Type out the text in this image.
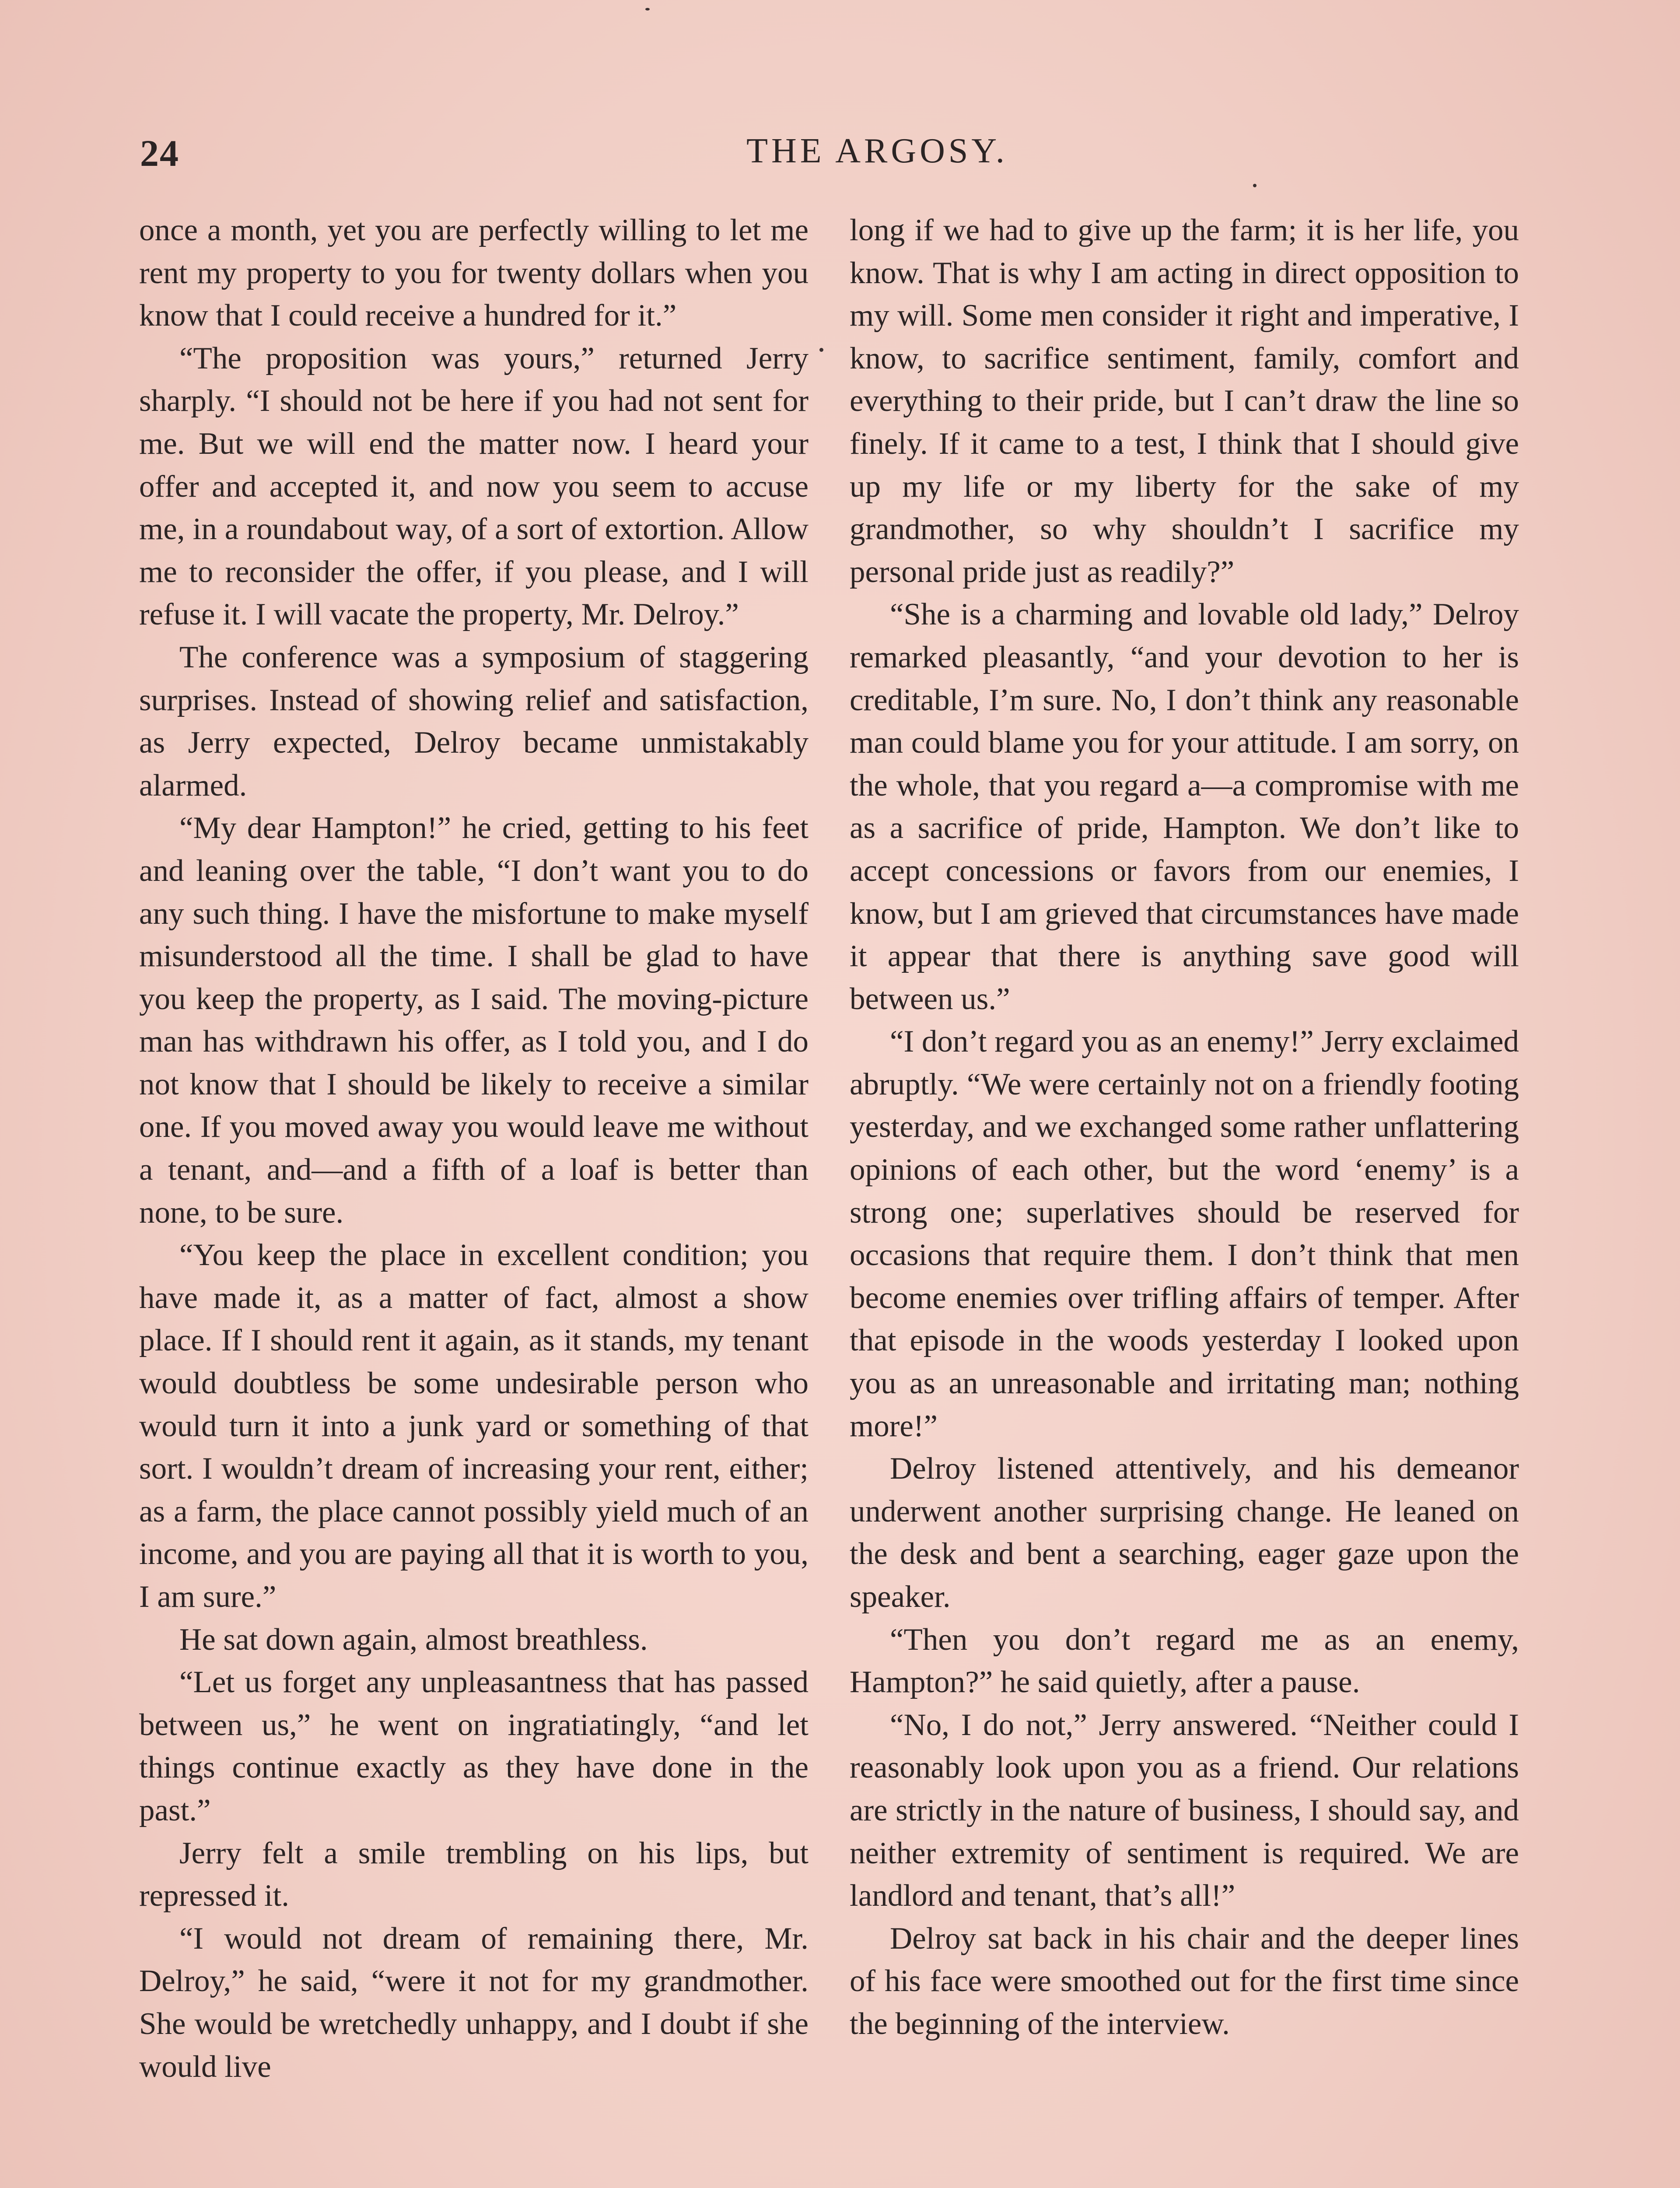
24	THE ARGOSY.

once a month, yet you are perfectly willing to let me rent my property to you for twenty dollars when you know that I could receive a hundred for it.”

“The proposition was yours,” returned Jerry sharply. “I should not be here if you had not sent for me. But we will end the matter now. I heard your offer and accepted it, and now you seem to accuse me, in a roundabout way, of a sort of extortion. Allow me to reconsider the offer, if you please, and I will refuse it. I will vacate the property, Mr. Delroy.”

The conference was a symposium of staggering surprises. Instead of showing relief and satisfaction, as Jerry expected, Delroy became unmistakably alarmed.

“My dear Hampton!” he cried, getting to his feet and leaning over the table, “I don’t want you to do any such thing. I have the misfortune to make myself misunderstood all the time. I shall be glad to have you keep the property, as I said. The moving-picture man has withdrawn his offer, as I told you, and I do not know that I should be likely to receive a similar one. If you moved away you would leave me without a tenant, and—and a fifth of a loaf is better than none, to be sure.

“You keep the place in excellent condition; you have made it, as a matter of fact, almost a show place. If I should rent it again, as it stands, my tenant would doubtless be some undesirable person who would turn it into a junk yard or something of that sort. I wouldn’t dream of increasing your rent, either; as a farm, the place cannot possibly yield much of an income, and you are paying all that it is worth to you, I am sure.”

He sat down again, almost breathless.

“Let us forget any unpleasantness that has passed between us,” he went on ingratiatingly, “and let things continue exactly as they have done in the past.”

Jerry felt a smile trembling on his lips, but repressed it.

“I would not dream of remaining there, Mr. Delroy,” he said, “were it not for my grandmother. She would be wretchedly unhappy, and I doubt if she would live

long if we had to give up the farm; it is her life, you know. That is why I am acting in direct opposition to my will. Some men consider it right and imperative, I know, to sacrifice sentiment, family, comfort and everything to their pride, but I can’t draw the line so finely. If it came to a test, I think that I should give up my life or my liberty for the sake of my grandmother, so why shouldn’t I sacrifice my personal pride just as readily?”

“She is a charming and lovable old lady,” Delroy remarked pleasantly, “and your devotion to her is creditable, I’m sure. No, I don’t think any reasonable man could blame you for your attitude. I am sorry, on the whole, that you regard a—a compromise with me as a sacrifice of pride, Hampton. We don’t like to accept concessions or favors from our enemies, I know, but I am grieved that circumstances have made it appear that there is anything save good will between us.”

“I don’t regard you as an enemy!” Jerry exclaimed abruptly. “We were certainly not on a friendly footing yesterday, and we exchanged some rather unflattering opinions of each other, but the word ‘enemy’ is a strong one; superlatives should be reserved for occasions that require them. I don’t think that men become enemies over trifling affairs of temper. After that episode in the woods yesterday I looked upon you as an unreasonable and irritating man; nothing more!”

Delroy listened attentively, and his demeanor underwent another surprising change. He leaned on the desk and bent a searching, eager gaze upon the speaker.

“Then you don’t regard me as an enemy, Hampton?” he said quietly, after a pause.

“No, I do not,” Jerry answered. “Neither could I reasonably look upon you as a friend. Our relations are strictly in the nature of business, I should say, and neither extremity of sentiment is required. We are landlord and tenant, that’s all!”

Delroy sat back in his chair and the deeper lines of his face were smoothed out for the first time since the beginning of the interview.
